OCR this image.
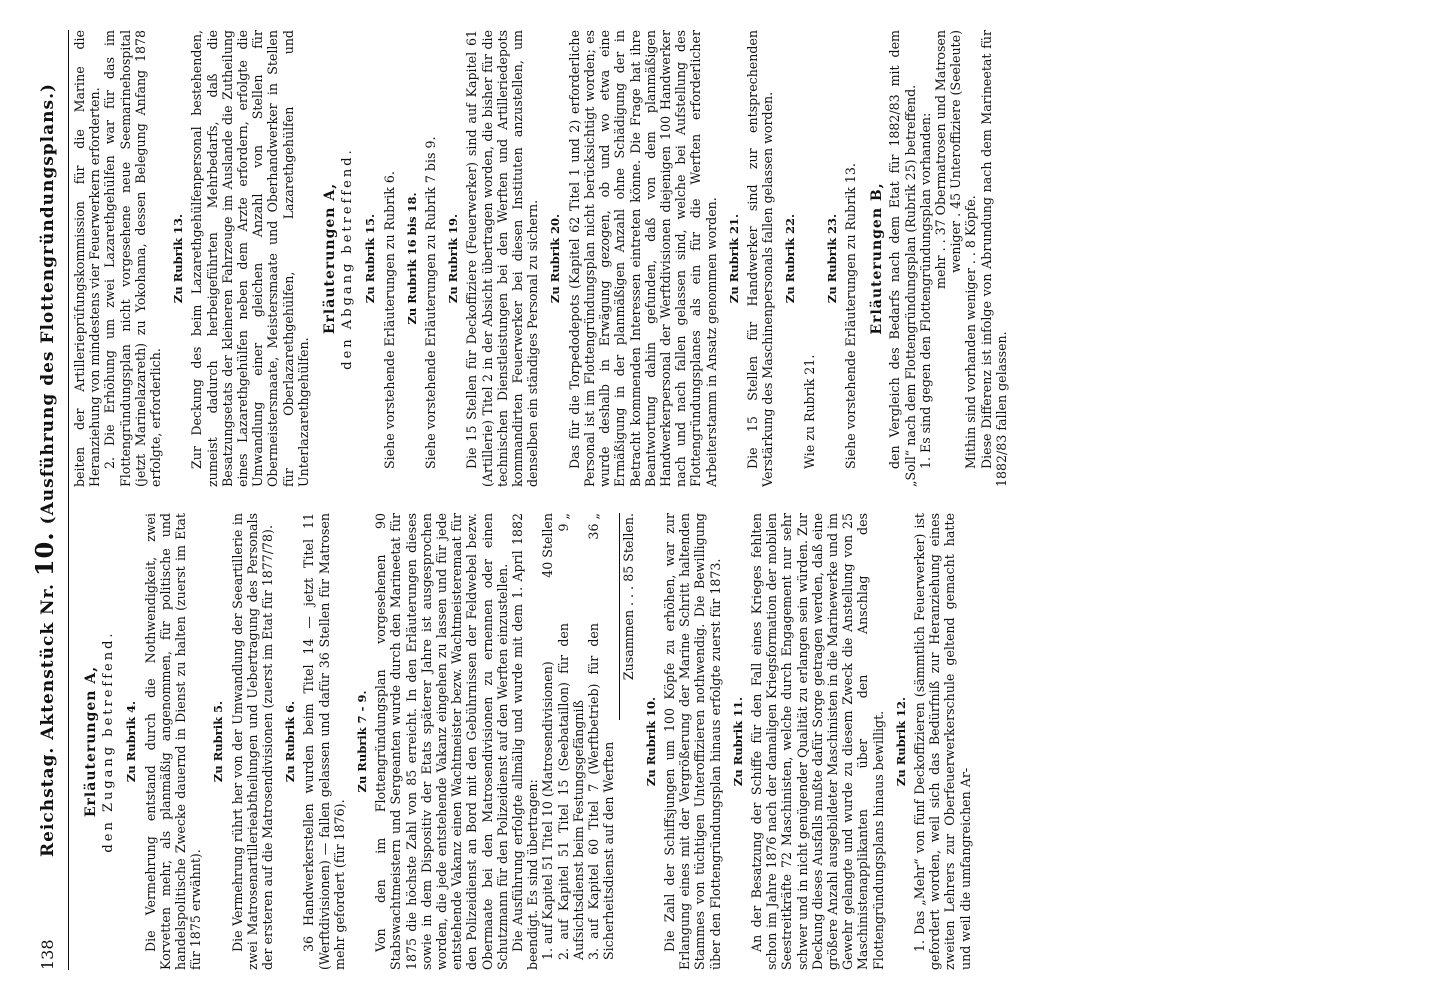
138
Reichstag. Aktenstück Nr. 10. (Ausführung des Flottengründungsplans.)
Erläuterungen A, den Zugang betreffend. Zu Rubrik 4. Die Vermehrung entstand durch die Nothwendigkeit, zwei Korvetten mehr, als planmäßig angenommen, für politische und handelspolitische Zwecke dauernd in Dienst zu halten (zuerst im Etat für 1875 erwähnt).

Zu Rubrik 5. Die Vermehrung rührt her von der Umwandlung der Seeartillerie in zwei Matrosenartillerieabtheilungen und Uebertragung des Personals der ersteren auf die Matrosendivisionen (zuerst im Etat für 1877/78). Zu Rubrik 6. 36 Handwerkerstellen wurden beim Titel 14 — jetzt Titel 11 (Werftdivisionen) — fallen gelassen und dafür 36 Stellen für Matrosen mehr gefordert (für 1876).

Zu Rubrik 7 - 9. Von den im Flottengründungsplan vorgesehenen 90 Stabswachtmeistern und Sergeanten wurde durch den Marineetat für 1875 die höchste Zahl von 85 erreicht. In den Erläuterungen dieses sowie in dem Dispositiv der Etats späterer Jahre ist ausgesprochen worden, die jede entstehende Vakanz eingehen zu lassen und für jede entstehende Vakanz einen Wachtmeister bezw. Wachtmeisteremaat für den Polizeidienst an Bord mit den Gebührnissen der Feldwebel bezw. Obermaate bei den Matrosendivisionen zu ernennen oder einen Schutzmann für den Polizeidienst auf den Werften einzustellen. Die Ausführung erfolgte allmälig und wurde mit dem 1. April 1882 beendigt. Es sind übertragen: 1. auf Kapitel 51 Titel 10 (Matrosendivisionen)
40 Stellen
2. auf Kapitel 51 Titel 15 (Seebataillon) für den Aufsichtsdienst beim Festungsgefängniß
9 „
3. auf Kapitel 60 Titel 7 (Werftbetrieb) für den Sicherheitsdienst auf den Werften
36 „ Zusammen . . . 85 Stellen.
Zu Rubrik 10. Die Zahl der Schiffsjungen um 100 Köpfe zu erhöhen, war zur Erlangung eines mit der Vergrößerung der Marine Schritt haltenden Stammes von tüchtigen Unteroffizieren nothwendig. Die Bewilligung über den Flottengründungsplan hinaus erfolgte zuerst für 1873. Zu Rubrik 11. An der Besatzung der Schiffe für den Fall eines Krieges fehlten schon im Jahre 1876 nach der damaligen Kriegsformation der mobilen Seestreitkräfte 72 Maschinisten, welche durch Engagement nur sehr schwer und in nicht genügender Qualität zu erlangen sein würden. Zur Deckung dieses Ausfalls mußte dafür Sorge getragen werden, daß eine größere Anzahl ausgebildeter Maschinisten in die Marinewerke und im Gewehr gelangte und wurde zu diesem Zweck die Anstellung von 25 Maschinistenapplikanten über den Anschlag des Flottengründungsplans hinaus bewilligt. Zu Rubrik 12. 1. Das „Mehr“ von fünf Deckoffizieren (sämmtlich Feuerwerker) ist gefordert worden, weil sich das Bedürfniß zur Heranziehung eines zweiten Lehrers zur Oberfeuerwerkerschule geltend gemacht hatte und weil die umfangreichen Ar-

beiten der Artillerieprüfungskommission für die Marine die Heranziehung von mindestens vier Feuerwerkern erforderten. 2. Die Erhöhung um zwei Lazarethgehülfen war für das im Flottengründungsplan nicht vorgesehene neue Seemarinehospital (jetzt Marinelazareth) zu Yokohama, dessen Belegung Anfang 1878 erfolgte, erforderlich.

Zu Rubrik 13. Zur Deckung des beim Lazarethgehülfenpersonal bestehenden, zumeist dadurch herbeigeführten Mehrbedarfs, daß die Besatzungsetats der kleineren Fahrzeuge im Auslande die Zutheilung eines Lazarethgehülfen neben dem Arzte erfordern, erfolgte die Umwandlung einer gleichen Anzahl von Stellen für Obermeistersmaate, Meistersmaate und Oberhandwerker in Stellen für Oberlazarethgehülfen, Lazarethgehülfen und Unterlazarethgehülfen.

Erläuterungen A, den Abgang betreffend. Zu Rubrik 15. Siehe vorstehende Erläuterungen zu Rubrik 6. Zu Rubrik 16 bis 18. Siehe vorstehende Erläuterungen zu Rubrik 7 bis 9. Zu Rubrik 19. Die 15 Stellen für Deckoffiziere (Feuerwerker) sind auf Kapitel 61 (Artillerie) Titel 2 in der Absicht übertragen worden, die bisher für die technischen Dienstleistungen bei den Werften und Artilleriedepots kommandirten Feuerwerker bei diesen Instituten anzustellen, um denselben ein ständiges Personal zu sichern. Zu Rubrik 20. Das für die Torpedodepots (Kapitel 62 Titel 1 und 2) erforderliche Personal ist im Flottengründungsplan nicht berücksichtigt worden; es wurde deshalb in Erwägung gezogen, ob und wo etwa eine Ermäßigung in der planmäßigen Anzahl ohne Schädigung der in Betracht kommenden Interessen eintreten könne. Die Frage hat ihre Beantwortung dahin gefunden, daß von dem planmäßigen Handwerkerpersonal der Werftdivisionen diejenigen 100 Handwerker nach und nach fallen gelassen sind, welche bei Aufstellung des Flottengründungsplanes als ein für die Werften erforderlicher Arbeiterstamm in Ansatz genommen worden. Zu Rubrik 21. Die 15 Stellen für Handwerker sind zur entsprechenden Verstärkung des Maschinenpersonals fallen gelassen worden. Zu Rubrik 22.

Wie zu Rubrik 21.

Zu Rubrik 23. Siehe vorstehende Erläuterungen zu Rubrik 13. Erläuterungen B, den Vergleich des Bedarfs nach dem Etat für 1882/83 mit dem „Soll“ nach dem Flottengründungsplan (Rubrik 25) betreffend. 1. Es sind gegen den Flottengründungsplan vorhanden: mehr . . 37 Obermatrosen und Matrosen weniger . 45 Unteroffiziere (Seeleute)

Mithin sind vorhanden weniger . . 8 Köpfe. Diese Differenz ist infolge von Abrundung nach dem Marineetat für 1882/83 fallen gelassen.
